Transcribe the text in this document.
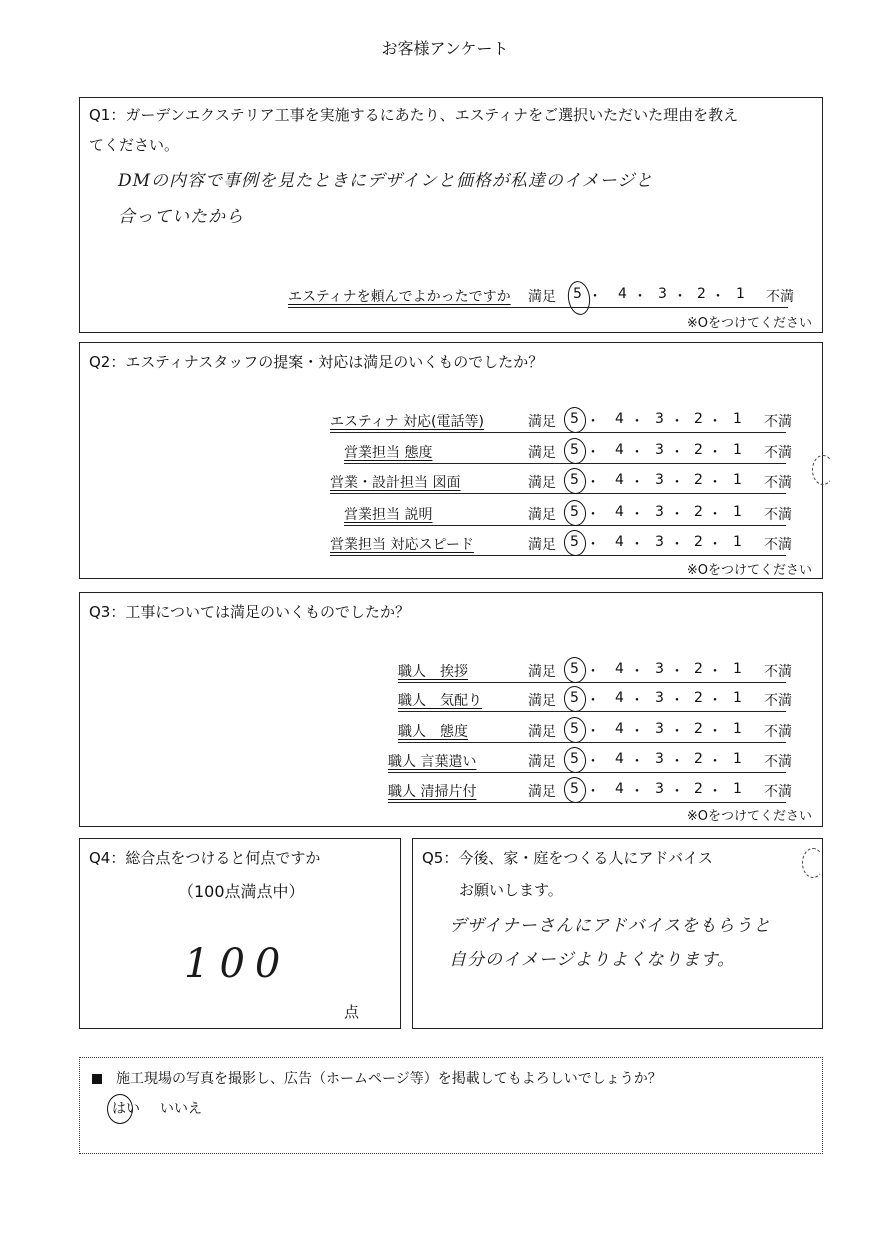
お客様アンケート
Q1：ガーデンエクステリア工事を実施するにあたり、エスティナをご選択いただいた理由を教え
てください。
DMの内容で事例を見たときにデザインと価格が私達のイメージと
合っていたから
エスティナを頼んでよかったですか 満足 5 ・ 4 ・ 3 ・ 2 ・ 1 不満
※Oをつけてください
Q2：エスティナスタッフの提案・対応は満足のいくものでしたか？
エスティナ 対応(電話等)	満足 5 ・ 4 ・ 3 ・ 2 ・ 1 不満
営業担当 態度	満足 5 ・ 4 ・ 3 ・ 2 ・ 1 不満
営業・設計担当 図面	満足 5 ・ 4 ・ 3 ・ 2 ・ 1 不満
営業担当 説明	満足 5 ・ 4 ・ 3 ・ 2 ・ 1 不満
営業担当 対応スピード	満足 5 ・ 4 ・ 3 ・ 2 ・ 1 不満
※Oをつけてください
Q3：工事については満足のいくものでしたか？
職人　挨拶	満足 5 ・ 4 ・ 3 ・ 2 ・ 1 不満
職人　気配り	満足 5 ・ 4 ・ 3 ・ 2 ・ 1 不満
職人　態度	満足 5 ・ 4 ・ 3 ・ 2 ・ 1 不満
職人 言葉遣い	満足 5 ・ 4 ・ 3 ・ 2 ・ 1 不満
職人 清掃片付	満足 5 ・ 4 ・ 3 ・ 2 ・ 1 不満
※Oをつけてください
Q4：総合点をつけると何点ですか
（100点満点中）
100
点
Q5：今後、家・庭をつくる人にアドバイス
お願いします。
デザイナーさんにアドバイスをもらうと
自分のイメージよりよくなります。
施工現場の写真を撮影し、広告（ホームページ等）を掲載してもよろしいでしょうか？
はい いいえ
